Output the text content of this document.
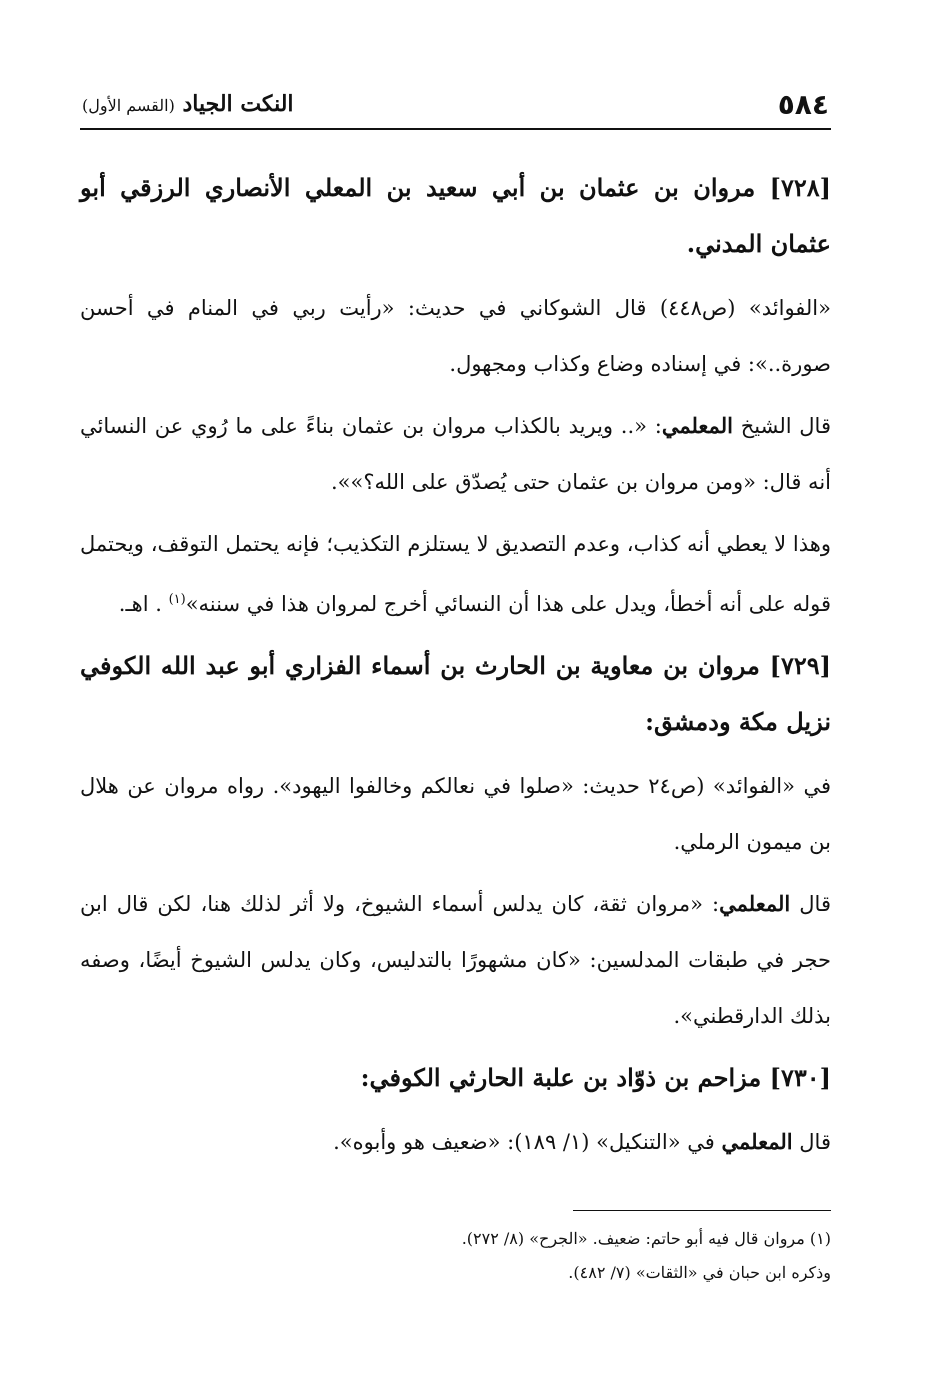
٥٨٤
النكت الجياد (القسم الأول)

[٧٢٨] مروان بن عثمان بن أبي سعيد بن المعلي الأنصاري الرزقي أبو عثمان المدني.

«الفوائد» (ص٤٤٨) قال الشوكاني في حديث: «رأيت ربي في المنام في أحسن صورة..»: في إسناده وضاع وكذاب ومجهول.

قال الشيخ المعلمي: «.. ويريد بالكذاب مروان بن عثمان بناءً على ما رُوي عن النسائي أنه قال: «ومن مروان بن عثمان حتى يُصدّق على الله؟»».

وهذا لا يعطي أنه كذاب، وعدم التصديق لا يستلزم التكذيب؛ فإنه يحتمل التوقف، ويحتمل قوله على أنه أخطأ، ويدل على هذا أن النسائي أخرج لمروان هذا في سننه»$^{(١)}$ . اهـ.

[٧٢٩] مروان بن معاوية بن الحارث بن أسماء الفزاري أبو عبد الله الكوفي نزيل مكة ودمشق:

في «الفوائد» (ص٢٤ حديث: «صلوا في نعالكم وخالفوا اليهود». رواه مروان عن هلال بن ميمون الرملي.

قال المعلمي: «مروان ثقة، كان يدلس أسماء الشيوخ، ولا أثر لذلك هنا، لكن قال ابن حجر في طبقات المدلسين: «كان مشهورًا بالتدليس، وكان يدلس الشيوخ أيضًا، وصفه بذلك الدارقطني».

[٧٣٠] مزاحم بن ذوّاد بن علبة الحارثي الكوفي:

قال المعلمي في «التنكيل» (١/ ١٨٩): «ضعيف هو وأبوه».

(١) مروان قال فيه أبو حاتم: ضعيف. «الجرح» (٨/ ٢٧٢).

وذكره ابن حبان في «الثقات» (٧/ ٤٨٢).
